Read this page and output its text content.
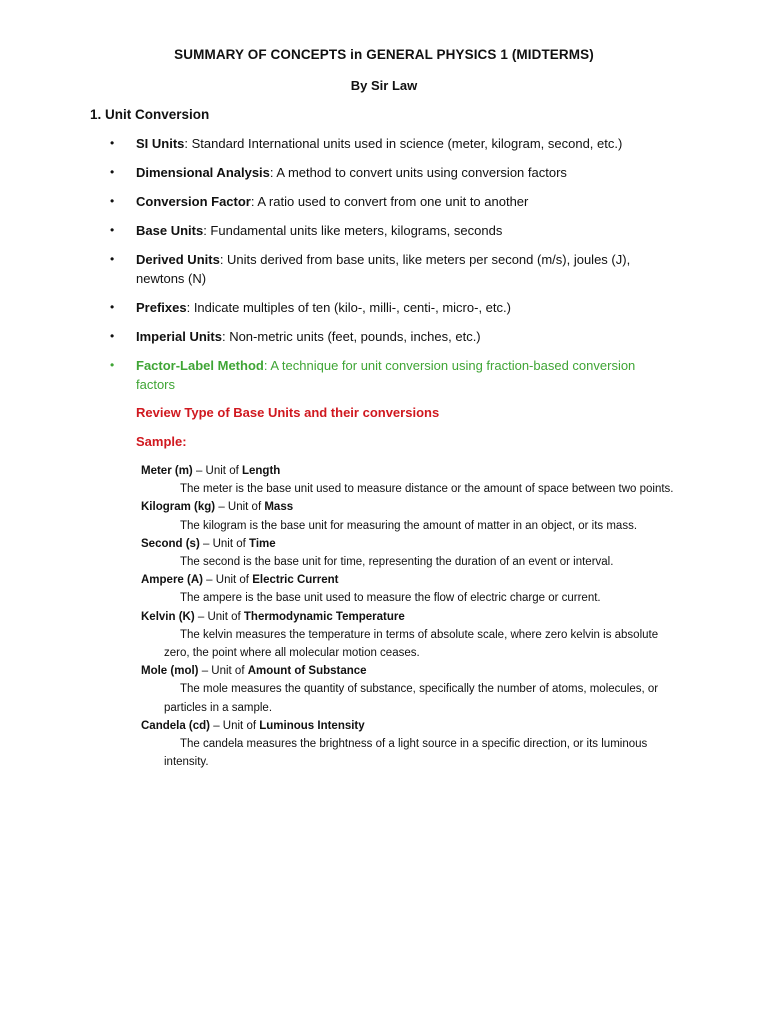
SUMMARY OF CONCEPTS in GENERAL PHYSICS 1 (MIDTERMS)
By Sir Law
1. Unit Conversion
• SI Units: Standard International units used in science (meter, kilogram, second, etc.)
• Dimensional Analysis: A method to convert units using conversion factors
• Conversion Factor: A ratio used to convert from one unit to another
• Base Units: Fundamental units like meters, kilograms, seconds
• Derived Units: Units derived from base units, like meters per second (m/s), joules (J), newtons (N)
• Prefixes: Indicate multiples of ten (kilo-, milli-, centi-, micro-, etc.)
• Imperial Units: Non-metric units (feet, pounds, inches, etc.)
• Factor-Label Method: A technique for unit conversion using fraction-based conversion factors
Review Type of Base Units and their conversions
Sample:
Meter (m) – Unit of Length
The meter is the base unit used to measure distance or the amount of space between two points.
Kilogram (kg) – Unit of Mass
The kilogram is the base unit for measuring the amount of matter in an object, or its mass.
Second (s) – Unit of Time
The second is the base unit for time, representing the duration of an event or interval.
Ampere (A) – Unit of Electric Current
The ampere is the base unit used to measure the flow of electric charge or current.
Kelvin (K) – Unit of Thermodynamic Temperature
The kelvin measures the temperature in terms of absolute scale, where zero kelvin is absolute zero, the point where all molecular motion ceases.
Mole (mol) – Unit of Amount of Substance
The mole measures the quantity of substance, specifically the number of atoms, molecules, or particles in a sample.
Candela (cd) – Unit of Luminous Intensity
The candela measures the brightness of a light source in a specific direction, or its luminous intensity.
